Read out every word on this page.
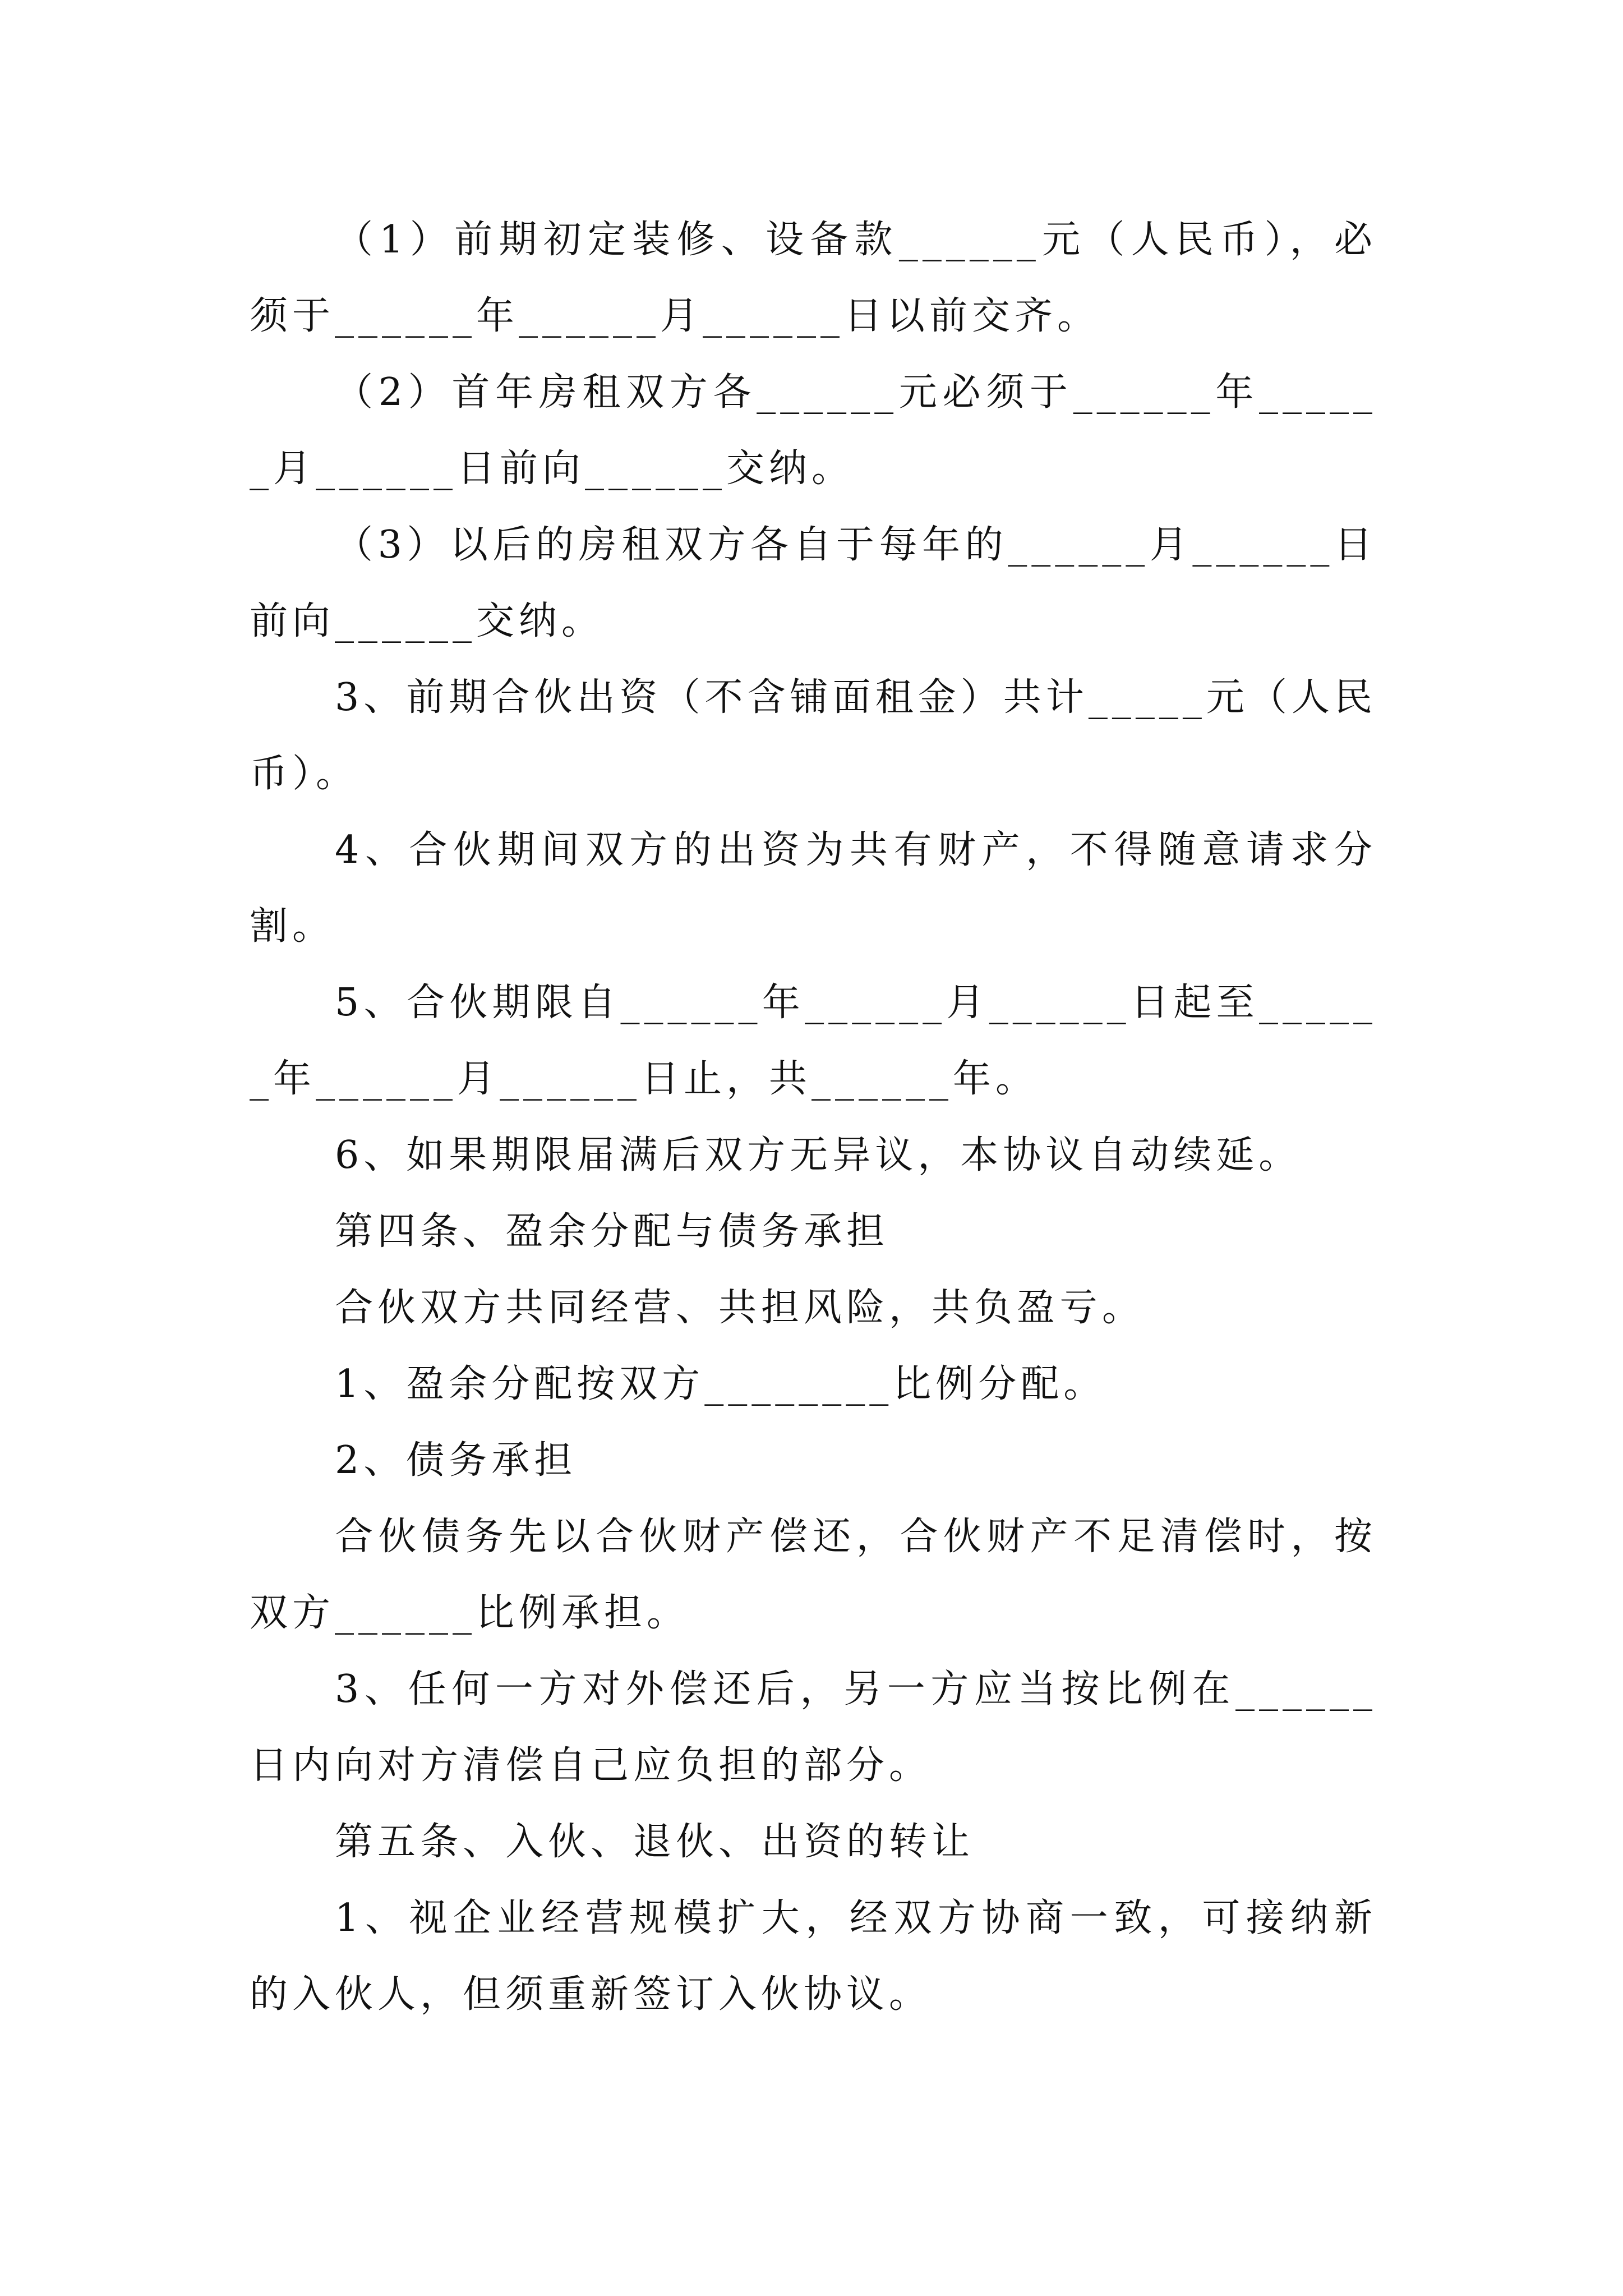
（1）前期初定装修、设备款______元（人民币），必须于______年______月______日以前交齐。

（2）首年房租双方各______元必须于______年______月______日前向______交纳。

（3）以后的房租双方各自于每年的______月______日前向______交纳。

3、前期合伙出资（不含铺面租金）共计_____元（人民币）。

4、合伙期间双方的出资为共有财产，不得随意请求分割。

5、合伙期限自______年______月______日起至______年______月______日止，共______年。

6、如果期限届满后双方无异议，本协议自动续延。

第四条、盈余分配与债务承担

合伙双方共同经营、共担风险，共负盈亏。

1、盈余分配按双方________比例分配。

2、债务承担

合伙债务先以合伙财产偿还，合伙财产不足清偿时，按双方______比例承担。

3、任何一方对外偿还后，另一方应当按比例在______日内向对方清偿自己应负担的部分。

第五条、入伙、退伙、出资的转让

1、视企业经营规模扩大，经双方协商一致，可接纳新的入伙人，但须重新签订入伙协议。
